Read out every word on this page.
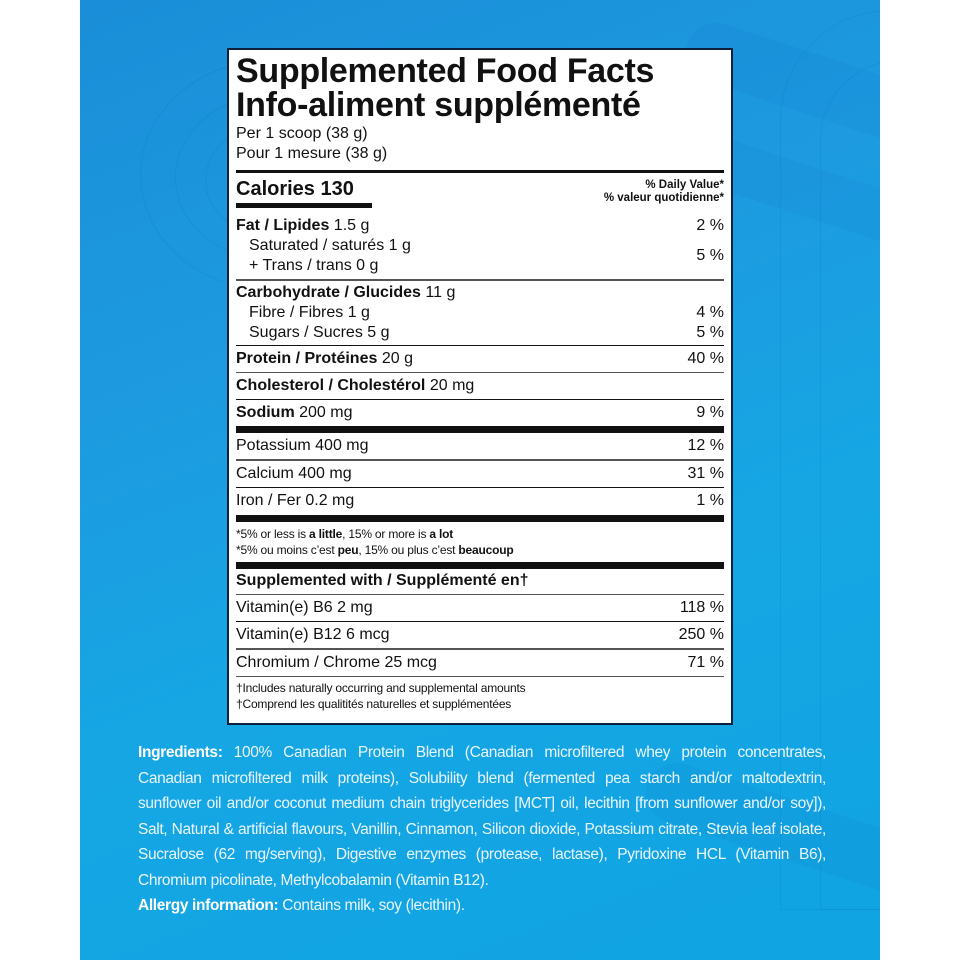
Supplemented Food Facts
Info-aliment supplémenté
Per 1 scoop (38 g)
Pour 1 mesure (38 g)
Calories 130	% Daily Value*
% valeur quotidienne*
Fat / Lipides 1.5 g	2 %
Saturated / saturés 1 g
+ Trans / trans 0 g
5 %
Carbohydrate / Glucides 11 g
Fibre / Fibres 1 g	4 %
Sugars / Sucres 5 g	5 %
Protein / Protéines 20 g	40 %
Cholesterol / Cholestérol 20 mg
Sodium 200 mg	9 %
Potassium 400 mg	12 %
Calcium 400 mg	31 %
Iron / Fer 0.2 mg	1 %
*5% or less is a little, 15% or more is a lot
*5% ou moins c’est peu, 15% ou plus c’est beaucoup
Supplemented with / Supplémenté en†
Vitamin(e) B6 2 mg	118 %
Vitamin(e) B12 6 mcg	250 %
Chromium / Chrome 25 mcg	71 %
†Includes naturally occurring and supplemental amounts
†Comprend les qualitités naturelles et supplémentées

Ingredients: 100% Canadian Protein Blend (Canadian microfiltered whey protein concentrates, Canadian microfiltered milk proteins), Solubility blend (fermented pea starch and/or maltodextrin, sunflower oil and/or coconut medium chain triglycerides [MCT] oil, lecithin [from sunflower and/or soy]), Salt, Natural & artificial flavours, Vanillin, Cinnamon, Silicon dioxide, Potassium citrate, Stevia leaf isolate, Sucralose (62 mg/serving), Digestive enzymes (protease, lactase), Pyridoxine HCL (Vitamin B6), Chromium picolinate, Methylcobalamin (Vitamin B12).

Allergy information: Contains milk, soy (lecithin).
